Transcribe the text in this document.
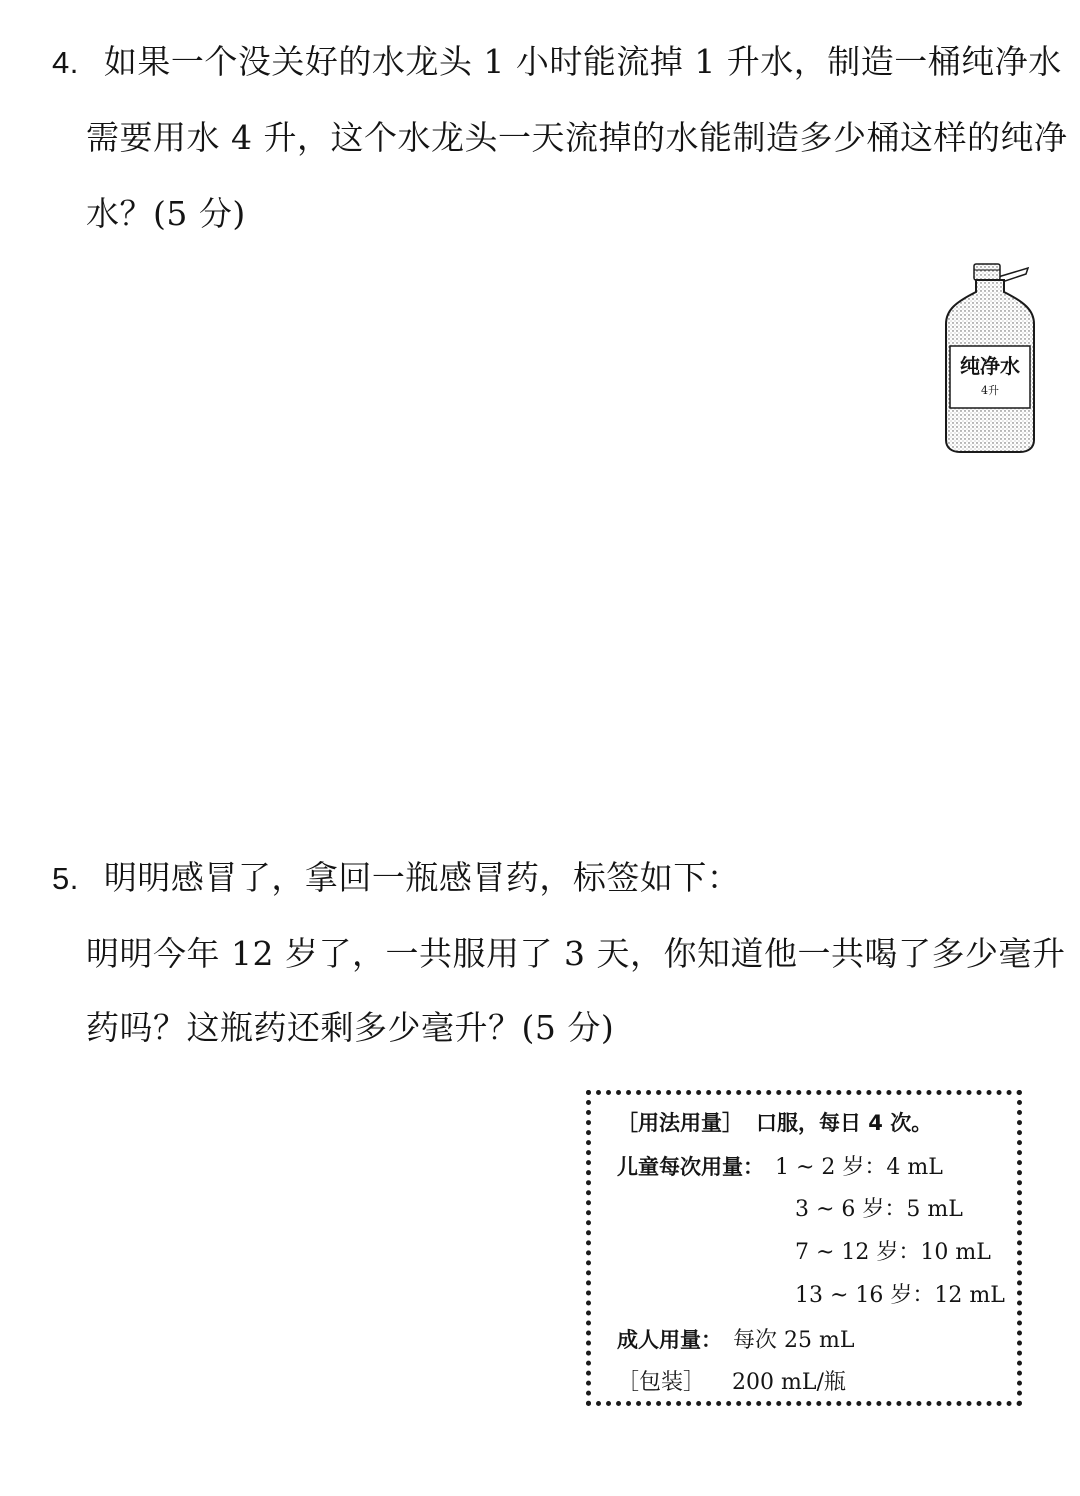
4. 如果一个没关好的水龙头 1 小时能流掉 1 升水，制造一桶纯净水
需要用水 4 升，这个水龙头一天流掉的水能制造多少桶这样的纯净
水？(5 分)
纯净水
4升
5. 明明感冒了，拿回一瓶感冒药，标签如下：
明明今年 12 岁了，一共服用了 3 天，你知道他一共喝了多少毫升
药吗？这瓶药还剩多少毫升？(5 分)
［用法用量］ 口服，每日 4 次。
儿童每次用量： 1 ~ 2 岁：4 mL
3 ~ 6 岁：5 mL
7 ~ 12 岁：10 mL
13 ~ 16 岁：12 mL
成人用量： 每次 25 mL
［包装］ 200 mL/瓶
